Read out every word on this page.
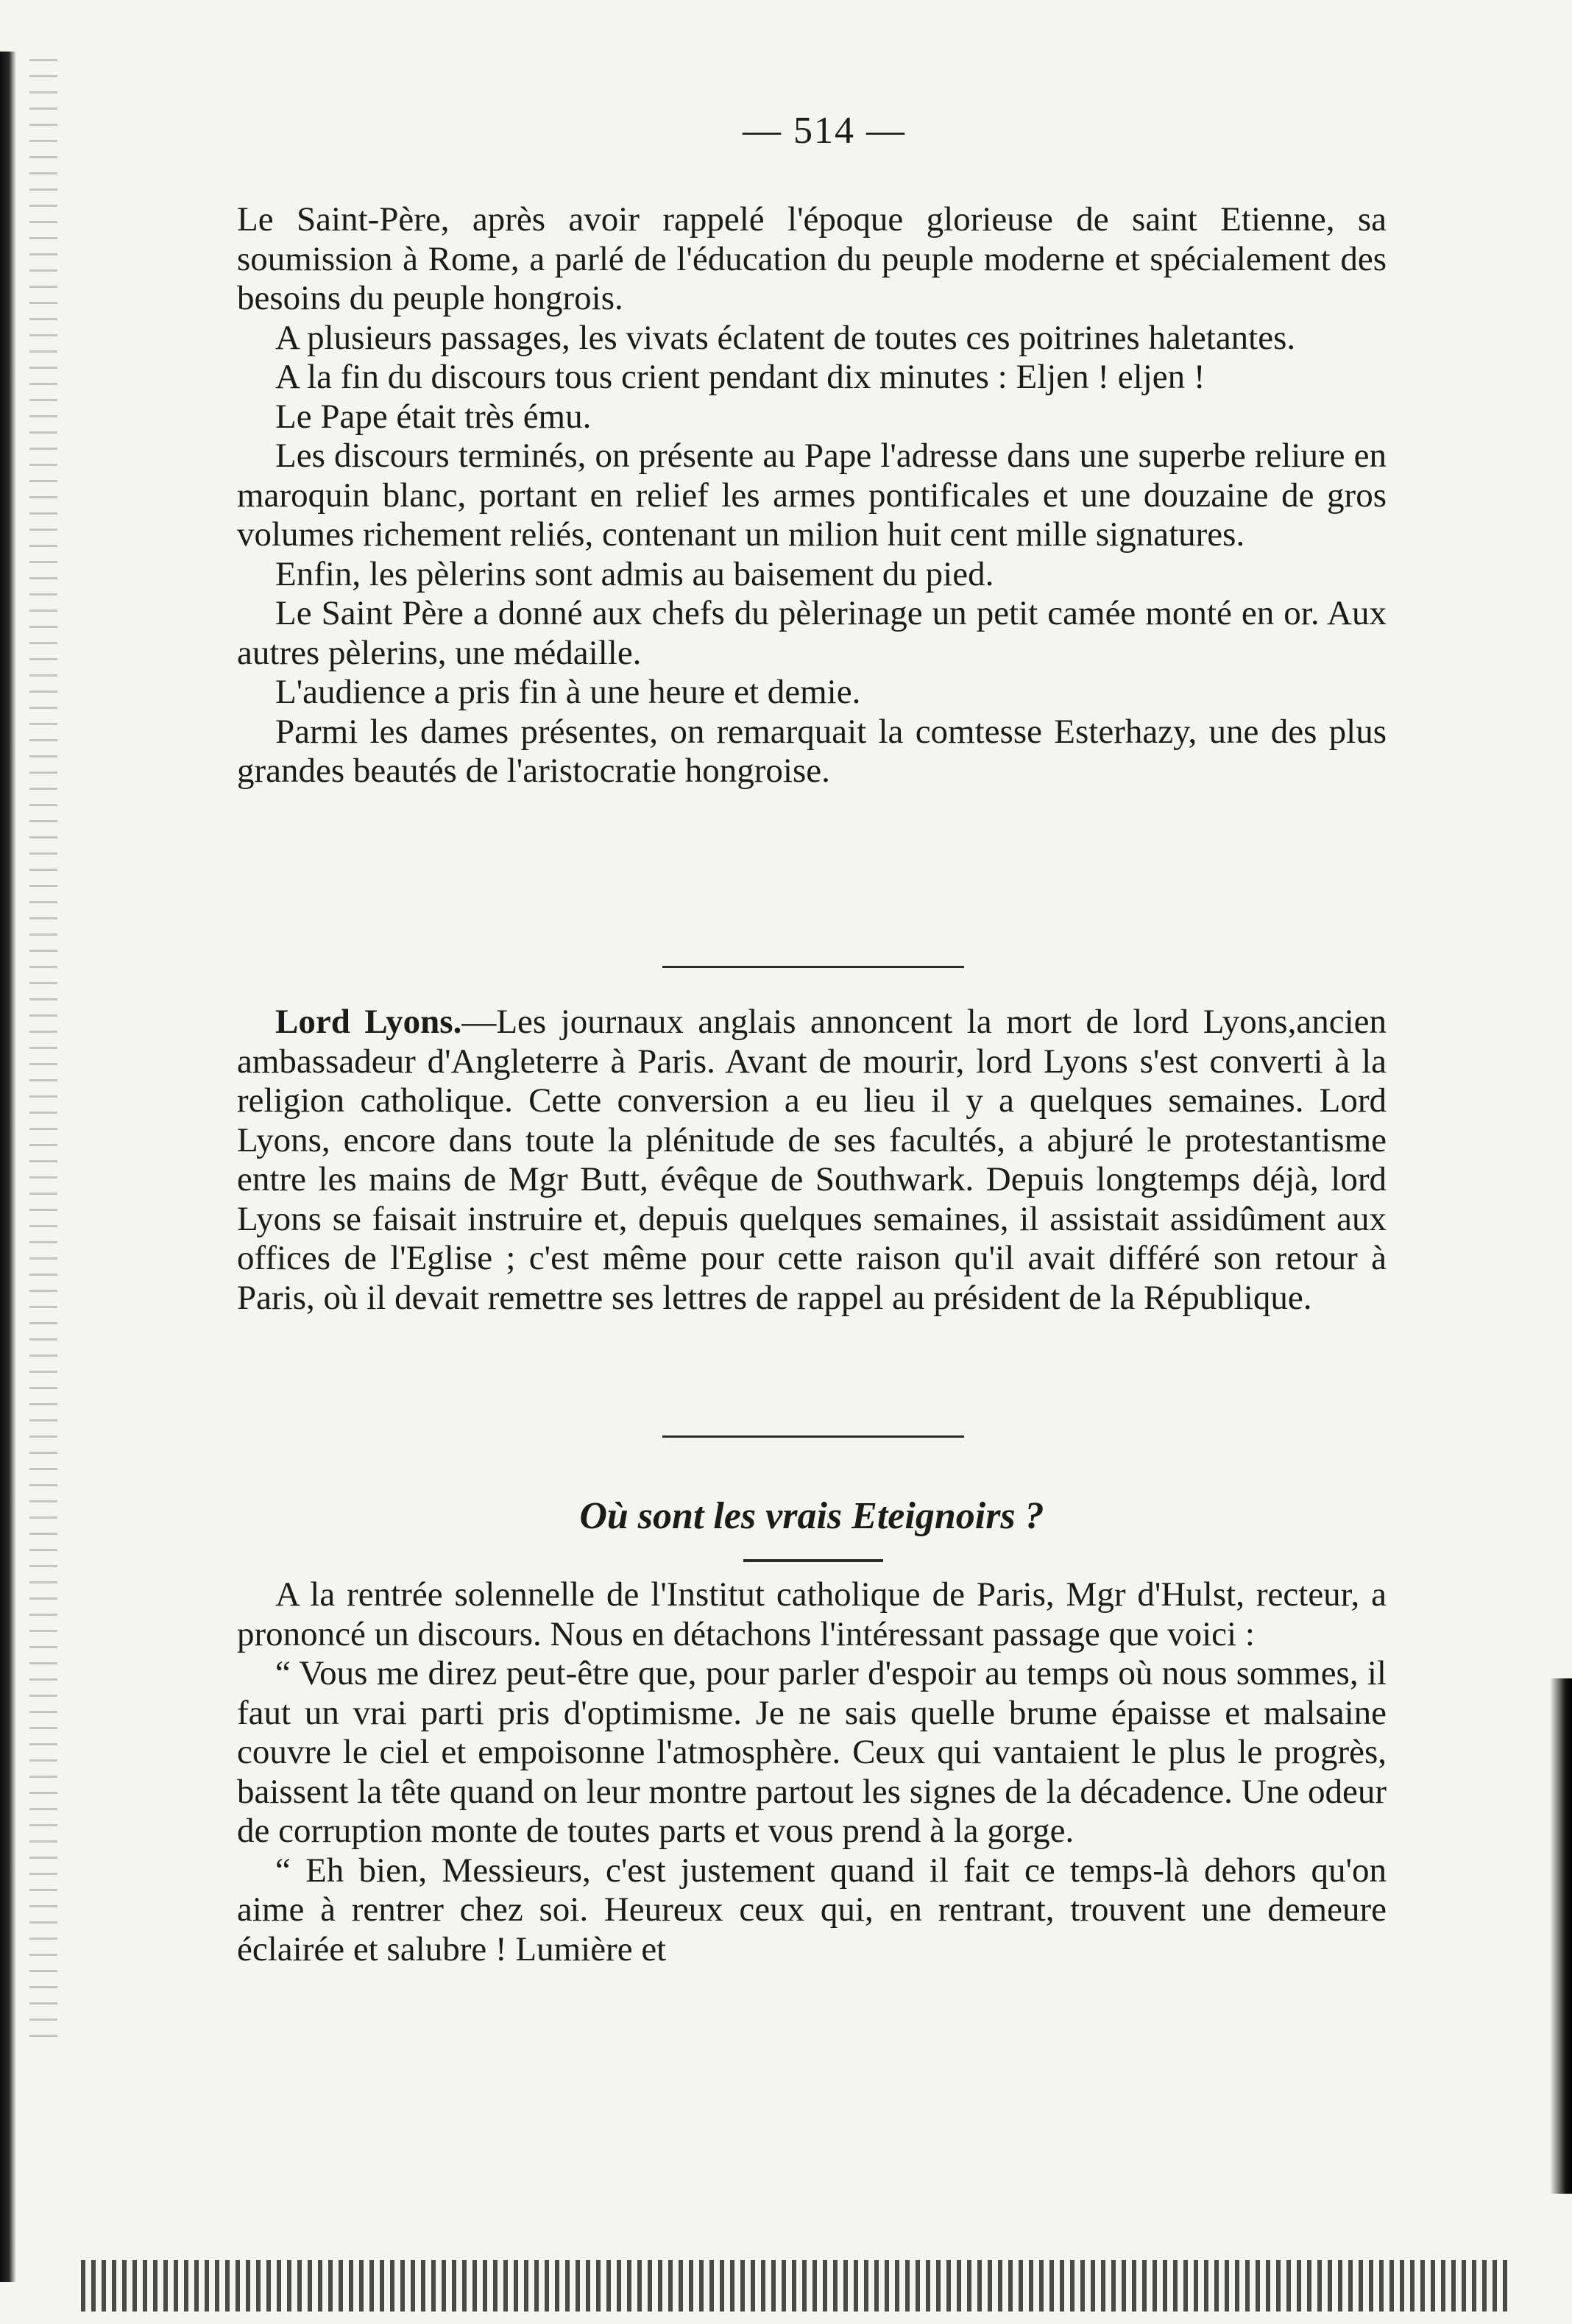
— 514 —

Le Saint-Père, après avoir rappelé l'époque glorieuse de saint Etienne, sa soumission à Rome, a parlé de l'éducation du peuple moderne et spécialement des besoins du peuple hongrois.

A plusieurs passages, les vivats éclatent de toutes ces poitrines haletantes.

A la fin du discours tous crient pendant dix minutes : Eljen ! eljen !

Le Pape était très ému.

Les discours terminés, on présente au Pape l'adresse dans une superbe reliure en maroquin blanc, portant en relief les armes pontificales et une douzaine de gros volumes richement reliés, contenant un milion huit cent mille signatures.

Enfin, les pèlerins sont admis au baisement du pied.

Le Saint Père a donné aux chefs du pèlerinage un petit camée monté en or. Aux autres pèlerins, une médaille.

L'audience a pris fin à une heure et demie.

Parmi les dames présentes, on remarquait la comtesse Esterhazy, une des plus grandes beautés de l'aristocratie hongroise.

Lord Lyons.—Les journaux anglais annoncent la mort de lord Lyons,ancien ambassadeur d'Angleterre à Paris. Avant de mourir, lord Lyons s'est converti à la religion catholique. Cette conversion a eu lieu il y a quelques semaines. Lord Lyons, encore dans toute la plénitude de ses facultés, a abjuré le protestantisme entre les mains de Mgr Butt, évêque de Southwark. Depuis longtemps déjà, lord Lyons se faisait instruire et, depuis quelques semaines, il assistait assidûment aux offices de l'Eglise ; c'est même pour cette raison qu'il avait différé son retour à Paris, où il devait remettre ses lettres de rappel au président de la République.

Où sont les vrais Eteignoirs ?

A la rentrée solennelle de l'Institut catholique de Paris, Mgr d'Hulst, recteur, a prononcé un discours. Nous en détachons l'intéressant passage que voici :

“ Vous me direz peut-être que, pour parler d'espoir au temps où nous sommes, il faut un vrai parti pris d'optimisme. Je ne sais quelle brume épaisse et malsaine couvre le ciel et empoisonne l'atmosphère. Ceux qui vantaient le plus le progrès, baissent la tête quand on leur montre partout les signes de la décadence. Une odeur de corruption monte de toutes parts et vous prend à la gorge.

“ Eh bien, Messieurs, c'est justement quand il fait ce temps-là dehors qu'on aime à rentrer chez soi. Heureux ceux qui, en rentrant, trouvent une demeure éclairée et salubre ! Lumière et
